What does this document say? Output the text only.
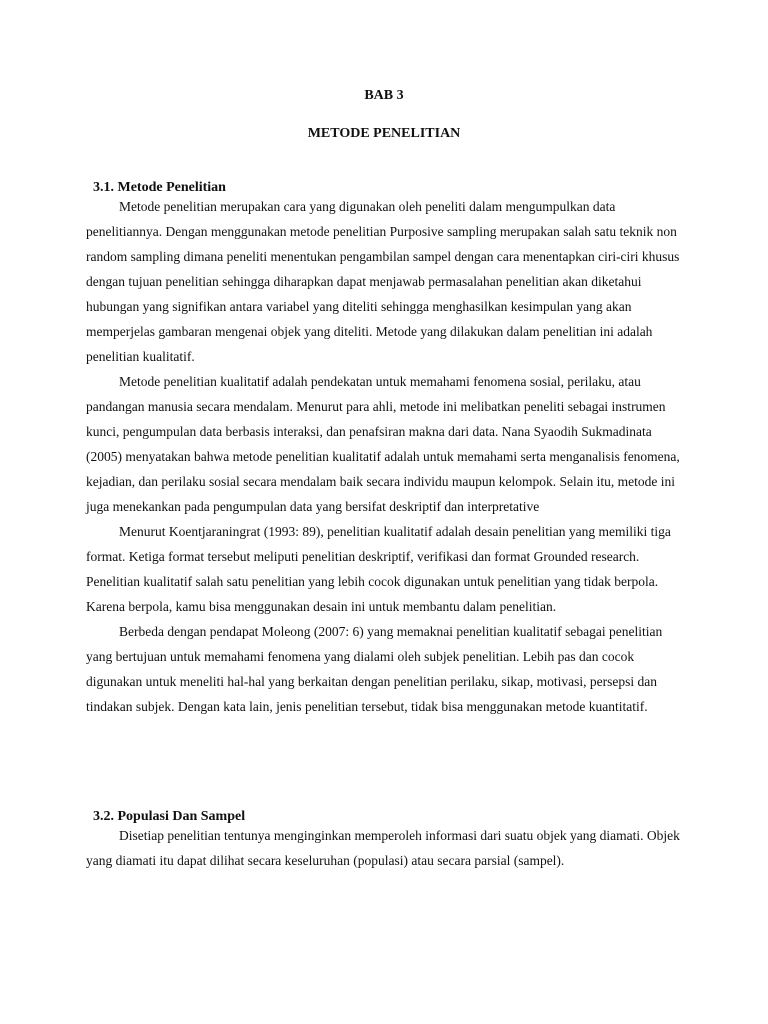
BAB 3
METODE PENELITIAN
3.1. Metode Penelitian

Metode penelitian merupakan cara yang digunakan oleh peneliti dalam mengumpulkan data penelitiannya. Dengan menggunakan metode penelitian Purposive sampling merupakan salah satu teknik non random sampling dimana peneliti menentukan pengambilan sampel dengan cara menentapkan ciri-ciri khusus dengan tujuan penelitian sehingga diharapkan dapat menjawab permasalahan penelitian akan diketahui hubungan yang signifikan antara variabel yang diteliti sehingga menghasilkan kesimpulan yang akan memperjelas gambaran mengenai objek yang diteliti. Metode yang dilakukan dalam penelitian ini adalah penelitian kualitatif.

Metode penelitian kualitatif adalah pendekatan untuk memahami fenomena sosial, perilaku, atau pandangan manusia secara mendalam. Menurut para ahli, metode ini melibatkan peneliti sebagai instrumen kunci, pengumpulan data berbasis interaksi, dan penafsiran makna dari data. Nana Syaodih Sukmadinata (2005) menyatakan bahwa metode penelitian kualitatif adalah untuk memahami serta menganalisis fenomena, kejadian, dan perilaku sosial secara mendalam baik secara individu maupun kelompok. Selain itu, metode ini juga menekankan pada pengumpulan data yang bersifat deskriptif dan interpretative

Menurut Koentjaraningrat (1993: 89), penelitian kualitatif adalah desain penelitian yang memiliki tiga format. Ketiga format tersebut meliputi penelitian deskriptif, verifikasi dan format Grounded research. Penelitian kualitatif salah satu penelitian yang lebih cocok digunakan untuk penelitian yang tidak berpola. Karena berpola, kamu bisa menggunakan desain ini untuk membantu dalam penelitian.

Berbeda dengan pendapat Moleong (2007: 6) yang memaknai penelitian kualitatif sebagai penelitian yang bertujuan untuk memahami fenomena yang dialami oleh subjek penelitian. Lebih pas dan cocok digunakan untuk meneliti hal-hal yang berkaitan dengan penelitian perilaku, sikap, motivasi, persepsi dan tindakan subjek. Dengan kata lain, jenis penelitian tersebut, tidak bisa menggunakan metode kuantitatif.

3.2. Populasi Dan Sampel

Disetiap penelitian tentunya menginginkan memperoleh informasi dari suatu objek yang diamati. Objek yang diamati itu dapat dilihat secara keseluruhan (populasi) atau secara parsial (sampel).
